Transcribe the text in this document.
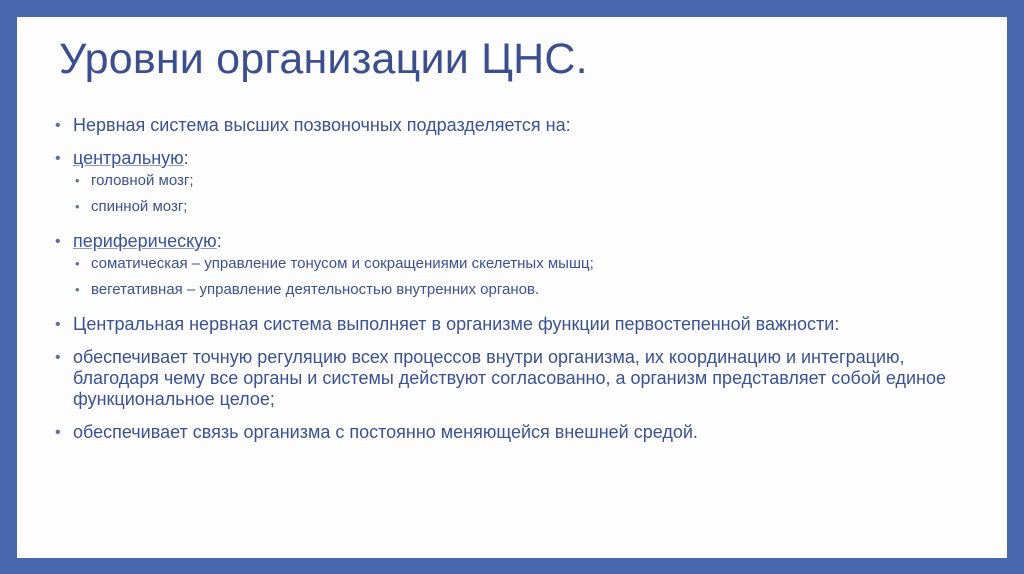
Уровни организации ЦНС.
• Нервная система высших позвоночных подразделяется на:
• центральную:
• головной мозг;
• спинной мозг;
• периферическую:
• соматическая – управление тонусом и сокращениями скелетных мышц;
• вегетативная – управление деятельностью внутренних органов.
• Центральная нервная система выполняет в организме функции первостепенной важности:
• обеспечивает точную регуляцию всех процессов внутри организма, их координацию и интеграцию, благодаря чему все органы и системы действуют согласованно, а организм представляет собой единое функциональное целое;
• обеспечивает связь организма с постоянно меняющейся внешней средой.
